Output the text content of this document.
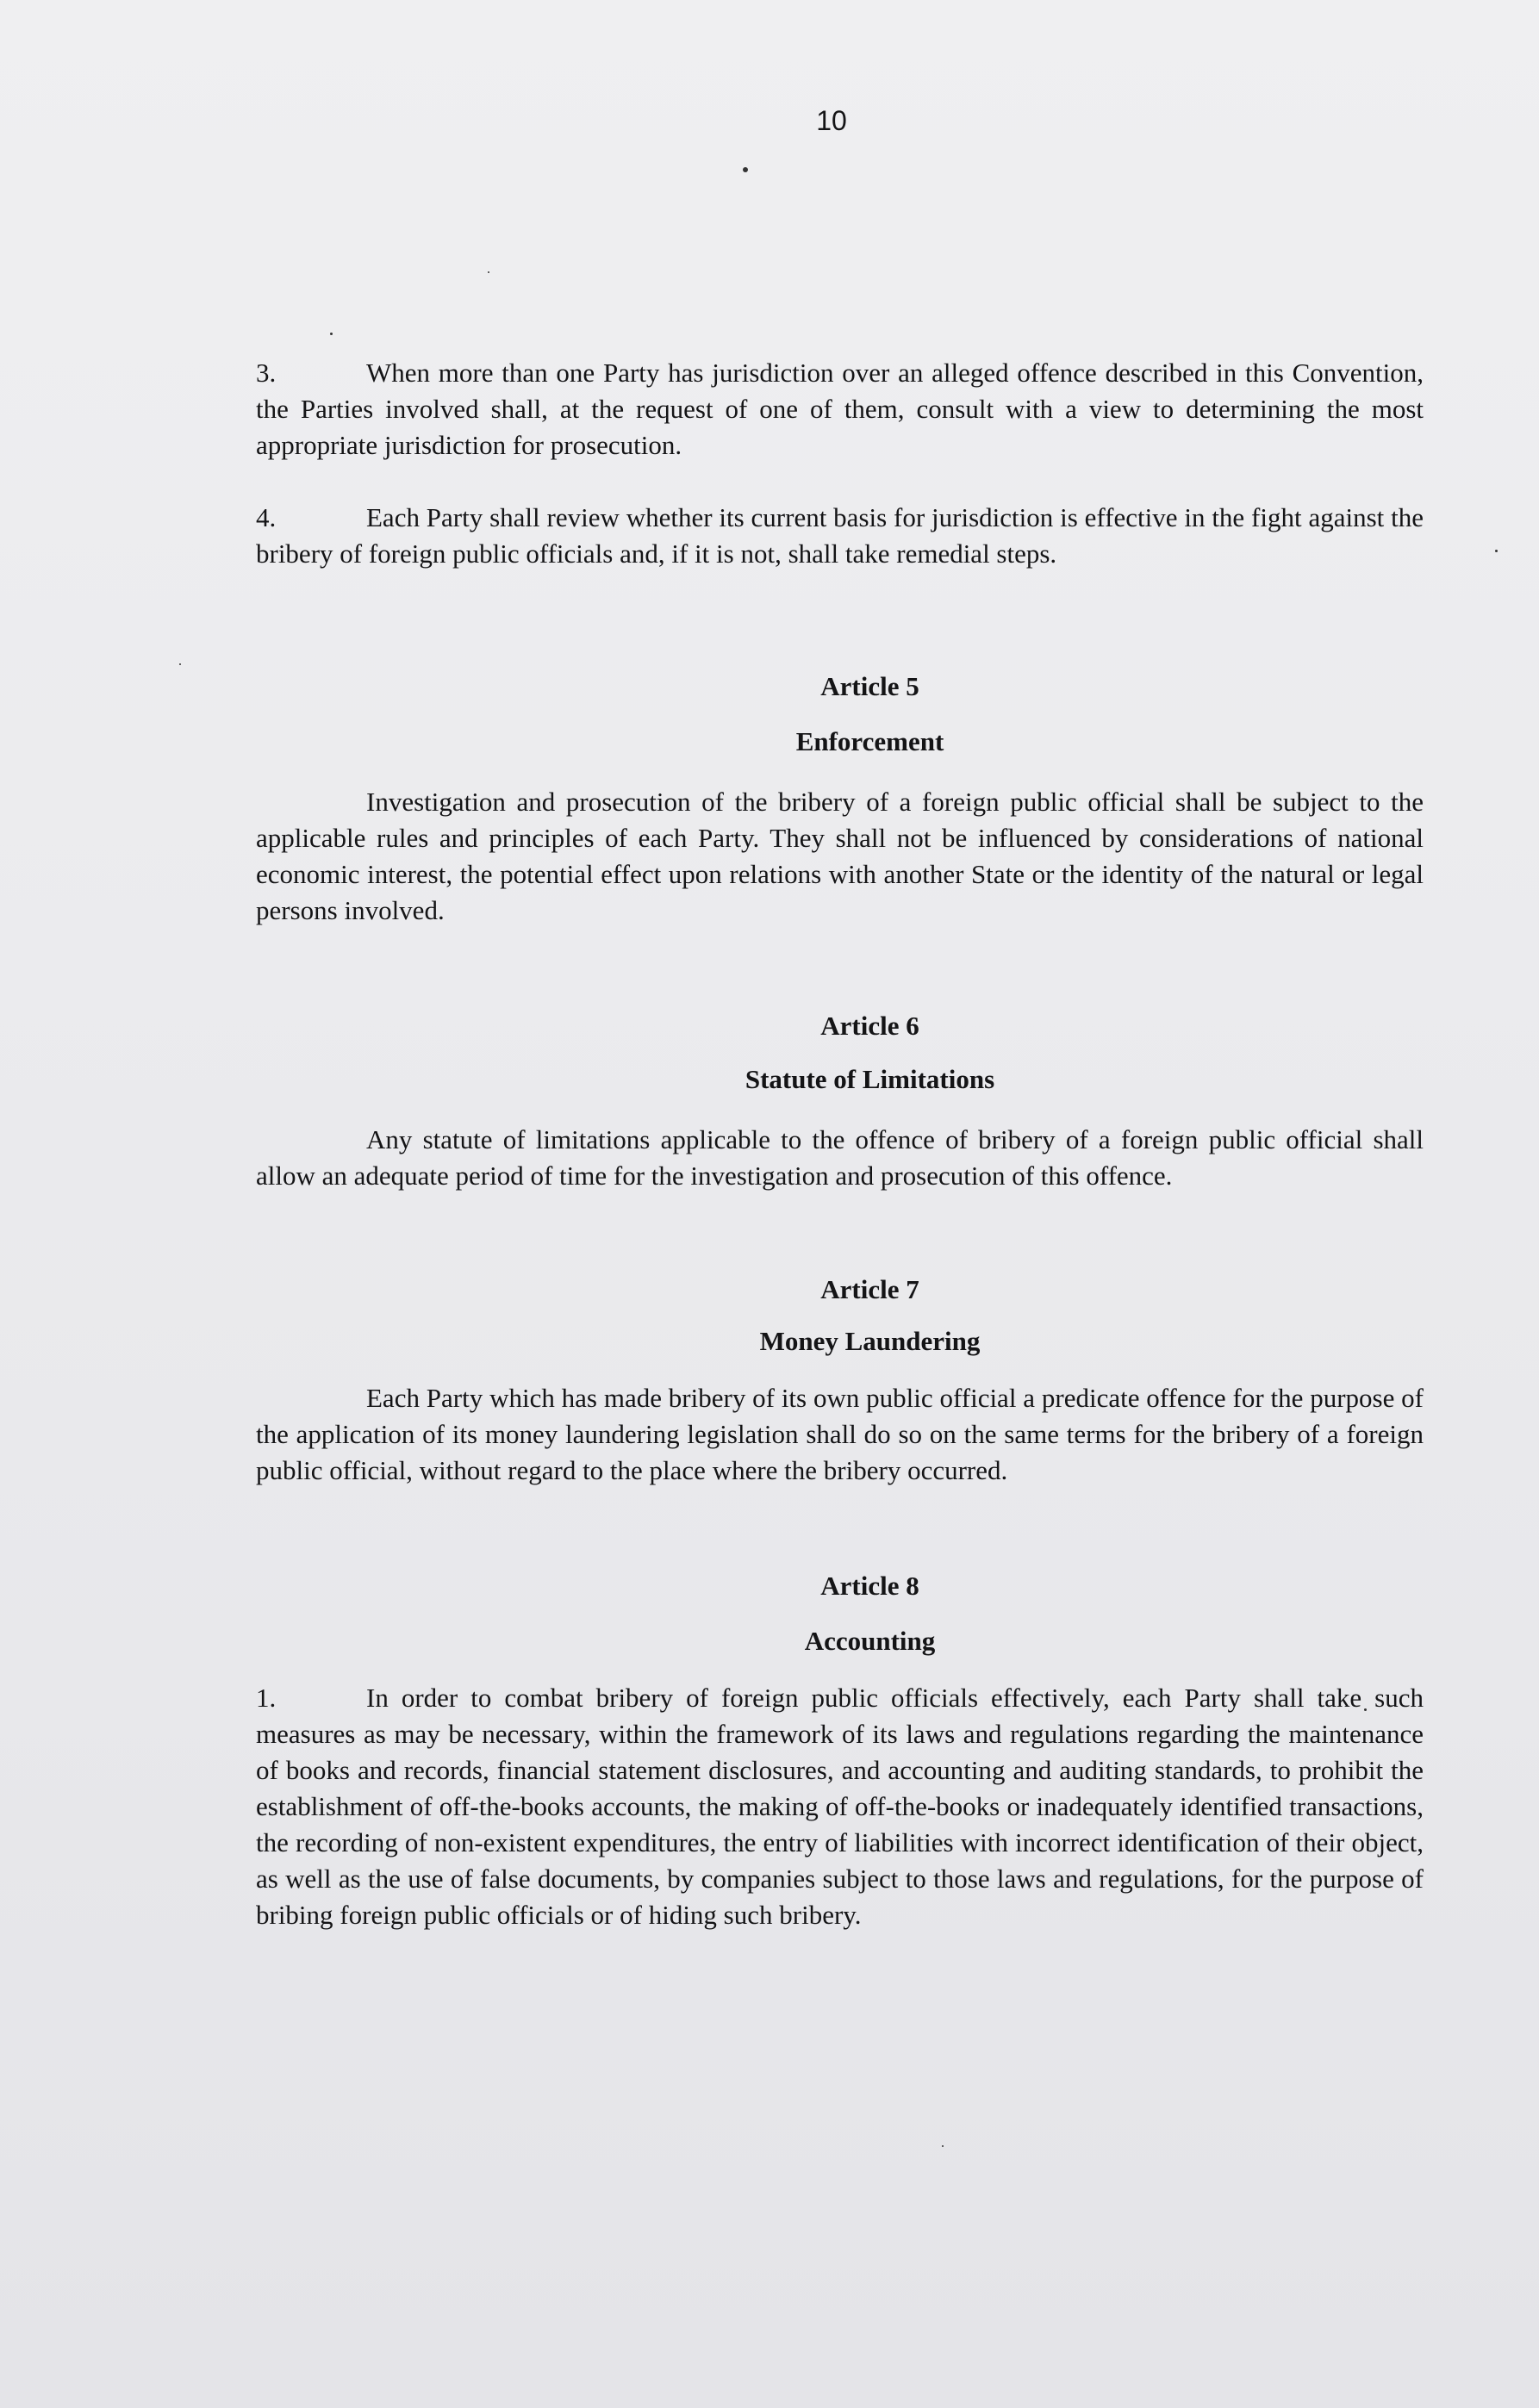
10

3.	When more than one Party has jurisdiction over an alleged offence described in this Convention, the Parties involved shall, at the request of one of them, consult with a view to determining the most appropriate jurisdiction for prosecution.

4.	Each Party shall review whether its current basis for jurisdiction is effective in the fight against the bribery of foreign public officials and, if it is not, shall take remedial steps.

Article 5

Enforcement

Investigation and prosecution of the bribery of a foreign public official shall be subject to the applicable rules and principles of each Party. They shall not be influenced by considerations of national economic interest, the potential effect upon relations with another State or the identity of the natural or legal persons involved.

Article 6

Statute of Limitations

Any statute of limitations applicable to the offence of bribery of a foreign public official shall allow an adequate period of time for the investigation and prosecution of this offence.

Article 7

Money Laundering

Each Party which has made bribery of its own public official a predicate offence for the purpose of the application of its money laundering legislation shall do so on the same terms for the bribery of a foreign public official, without regard to the place where the bribery occurred.

Article 8

Accounting

1.	In order to combat bribery of foreign public officials effectively, each Party shall take such measures as may be necessary, within the framework of its laws and regulations regarding the maintenance of books and records, financial statement disclosures, and accounting and auditing standards, to prohibit the establishment of off-the-books accounts, the making of off-the-books or inadequately identified transactions, the recording of non-existent expenditures, the entry of liabilities with incorrect identification of their object, as well as the use of false documents, by companies subject to those laws and regulations, for the purpose of bribing foreign public officials or of hiding such bribery.
